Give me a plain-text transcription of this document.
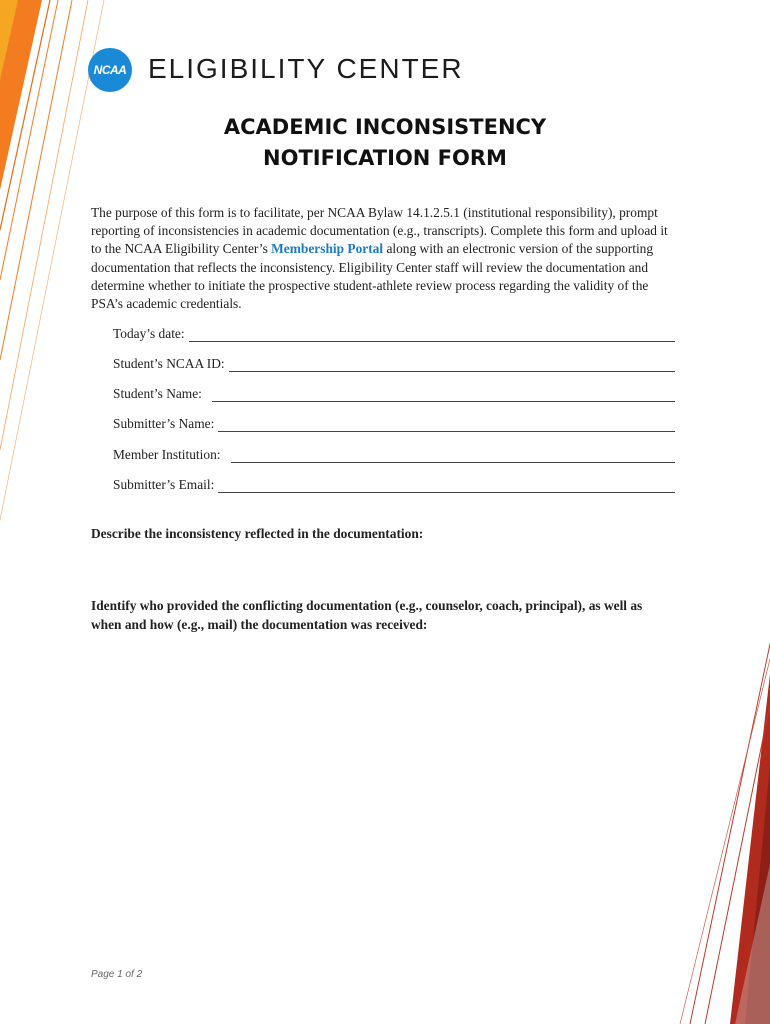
NCAA ELIGIBILITY CENTER
ACADEMIC INCONSISTENCY
NOTIFICATION FORM

The purpose of this form is to facilitate, per NCAA Bylaw 14.1.2.5.1 (institutional responsibility), prompt reporting of inconsistencies in academic documentation (e.g., transcripts). Complete this form and upload it to the NCAA Eligibility Center’s Membership Portal along with an electronic version of the supporting documentation that reflects the inconsistency. Eligibility Center staff will review the documentation and determine whether to initiate the prospective student-athlete review process regarding the validity of the PSA’s academic credentials.

Today’s date:
Student’s NCAA ID:
Student’s Name:
Submitter’s Name:
Member Institution:
Submitter’s Email:
Describe the inconsistency reflected in the documentation:
Identify who provided the conflicting documentation (e.g., counselor, coach, principal), as well as when and how (e.g., mail) the documentation was received:
Page 1 of 2
